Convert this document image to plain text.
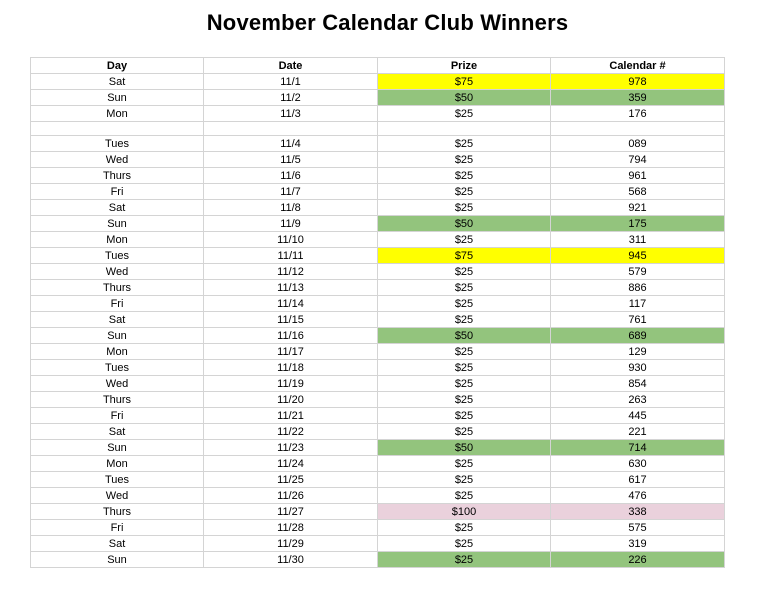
November Calendar Club Winners
Day	Date	Prize	Calendar #
Sat	11/1	$75	978
Sun	11/2	$50	359
Mon	11/3	$25	176

Tues	11/4	$25	089
Wed	11/5	$25	794
Thurs	11/6	$25	961
Fri	11/7	$25	568
Sat	11/8	$25	921
Sun	11/9	$50	175
Mon	11/10	$25	311
Tues	11/11	$75	945
Wed	11/12	$25	579
Thurs	11/13	$25	886
Fri	11/14	$25	117
Sat	11/15	$25	761
Sun	11/16	$50	689
Mon	11/17	$25	129
Tues	11/18	$25	930
Wed	11/19	$25	854
Thurs	11/20	$25	263
Fri	11/21	$25	445
Sat	11/22	$25	221
Sun	11/23	$50	714
Mon	11/24	$25	630
Tues	11/25	$25	617
Wed	11/26	$25	476
Thurs	11/27	$100	338
Fri	11/28	$25	575
Sat	11/29	$25	319
Sun	11/30	$25	226
